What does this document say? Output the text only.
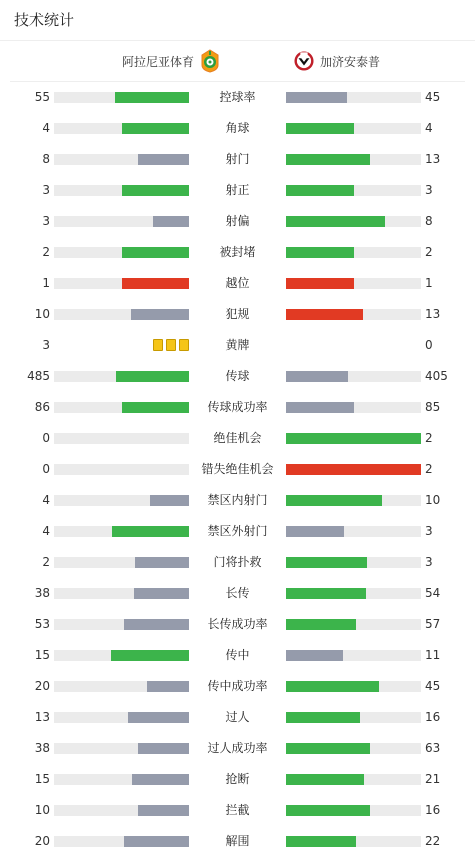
技术统计
阿拉尼亚体育	加济安泰普
55	控球率	45
4	角球	4
8	射门	13
3	射正	3
3	射偏	8
2	被封堵	2
1	越位	1
10	犯规	13
3	黄牌	0
485	传球	405
86	传球成功率	85
0	绝佳机会	2
0	错失绝佳机会	2
4	禁区内射门	10
4	禁区外射门	3
2	门将扑救	3
38	长传	54
53	长传成功率	57
15	传中	11
20	传中成功率	45
13	过人	16
38	过人成功率	63
15	抢断	21
10	拦截	16
20	解围	22
